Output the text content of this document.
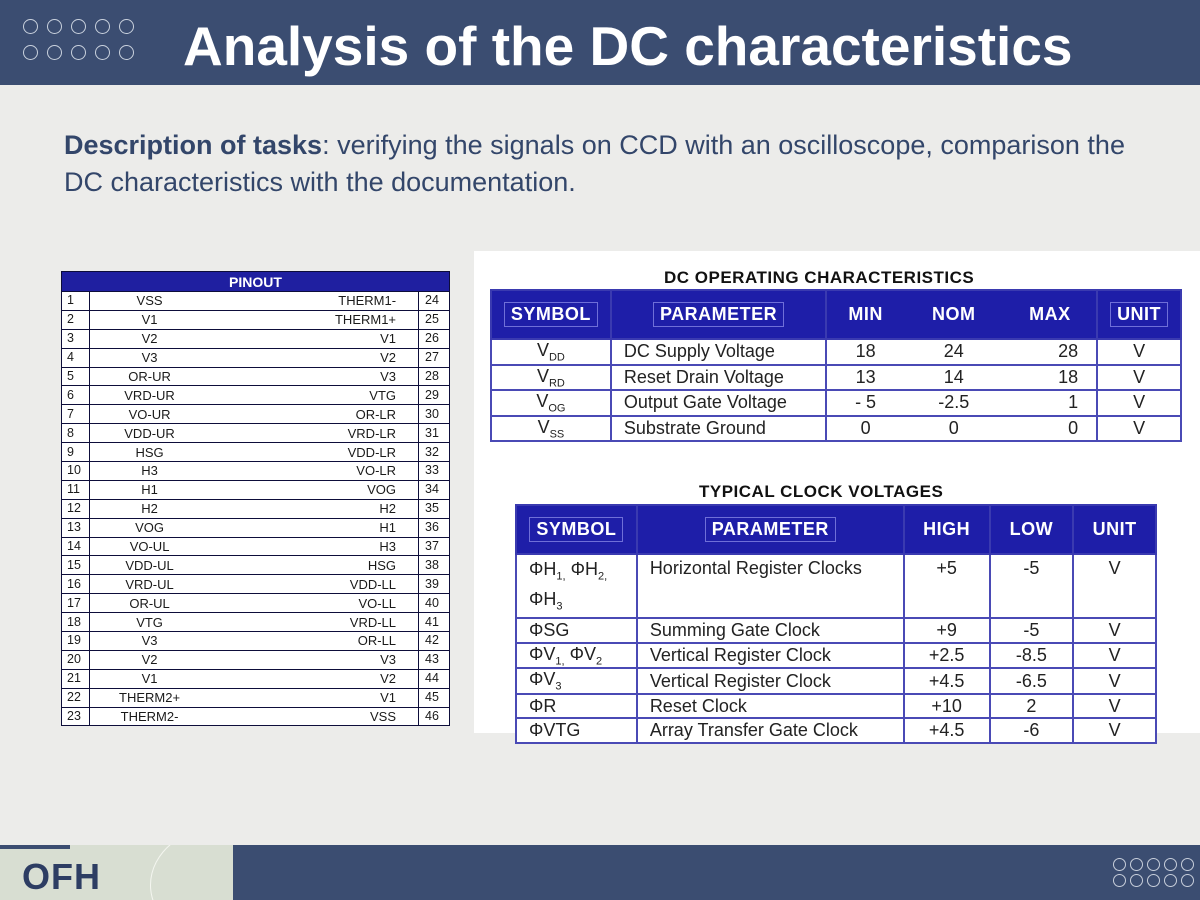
Analysis of the DC characteristics
Description of tasks: verifying the signals on CCD with an oscilloscope, comparison the DC characteristics with the documentation.
PINOUT			
1	VSS	THERM1-	24
2	V1	THERM1+	25
3	V2	V1	26
4	V3	V2	27
5	OR-UR	V3	28
6	VRD-UR	VTG	29
7	VO-UR	OR-LR	30
8	VDD-UR	VRD-LR	31
9	HSG	VDD-LR	32
10	H3	VO-LR	33
11	H1	VOG	34
12	H2	H2	35
13	VOG	H1	36
14	VO-UL	H3	37
15	VDD-UL	HSG	38
16	VRD-UL	VDD-LL	39
17	OR-UL	VO-LL	40
18	VTG	VRD-LL	41
19	V3	OR-LL	42
20	V2	V3	43
21	V1	V2	44
22	THERM2+	V1	45
23	THERM2-	VSS	46
DC OPERATING CHARACTERISTICS
SYMBOL	PARAMETER	MIN	NOM	MAX	UNIT
$V_{DD}$	DC Supply Voltage	18	24	28	V
$V_{RD}$	Reset Drain Voltage	13	14	18	V
$V_{OG}$	Output Gate Voltage	- 5	-2.5	1	V
$V_{SS}$	Substrate Ground	0	0	0	V
TYPICAL CLOCK VOLTAGES
SYMBOL	PARAMETER	HIGH	LOW	UNIT
$\Phi H_{1,}$ $\Phi H_{2,}$ $\Phi H_3$	Horizontal Register Clocks	+5	-5	V
ΦSG	Summing Gate Clock	+9	-5	V
$\Phi V_{1,}$ $\Phi V_2$	Vertical Register Clock	+2.5	-8.5	V
$\Phi V_3$	Vertical Register Clock	+4.5	-6.5	V
ΦR	Reset Clock	+10	2	V
ΦVTG	Array Transfer Gate Clock	+4.5	-6	V
OFH
